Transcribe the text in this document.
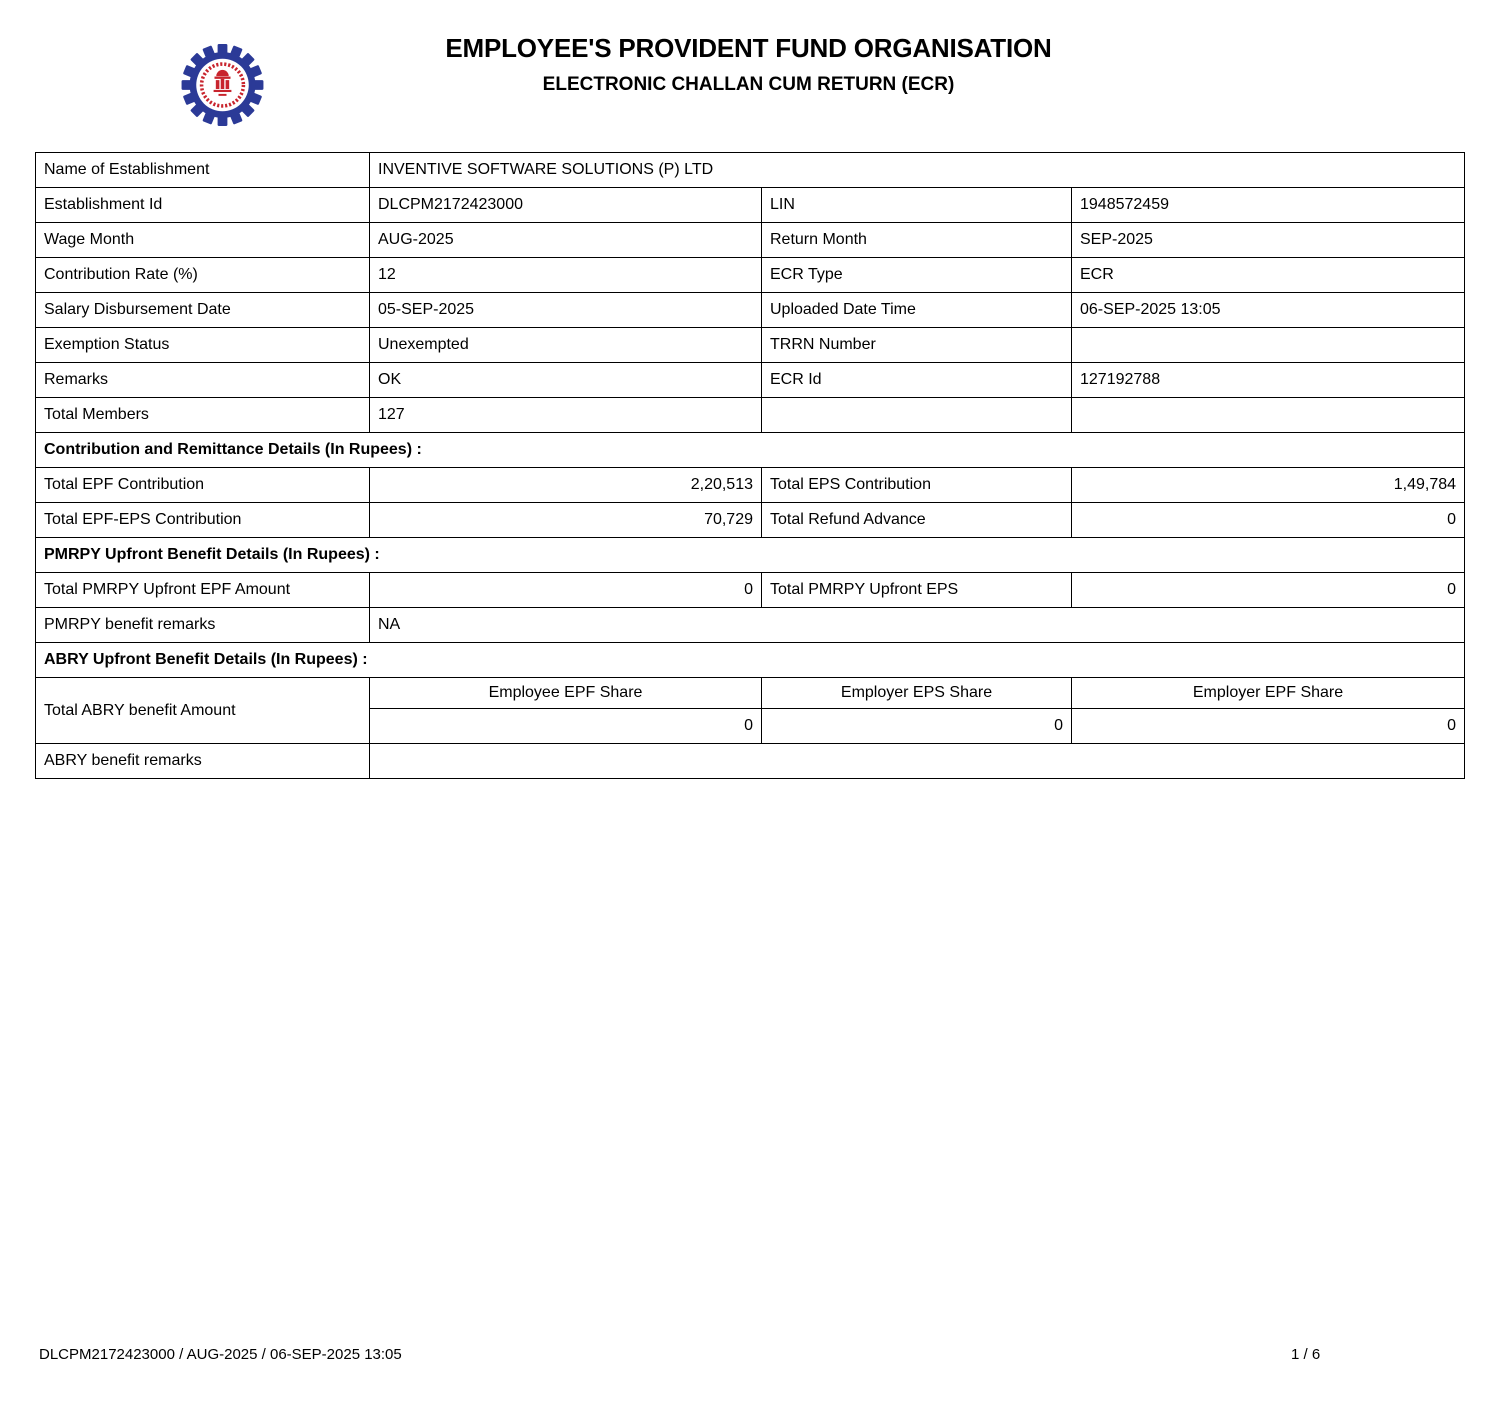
EMPLOYEE'S PROVIDENT FUND ORGANISATION
ELECTRONIC CHALLAN CUM RETURN (ECR)
Name of Establishment	INVENTIVE SOFTWARE SOLUTIONS (P) LTD		
Establishment Id	DLCPM2172423000	LIN	1948572459
Wage Month	AUG-2025	Return Month	SEP-2025
Contribution Rate (%)	12	ECR Type	ECR
Salary Disbursement Date	05-SEP-2025	Uploaded Date Time	06-SEP-2025 13:05
Exemption Status	Unexempted	TRRN Number	
Remarks	OK	ECR Id	127192788
Total Members	127		
Contribution and Remittance Details (In Rupees) :			
Total EPF Contribution	2,20,513	Total EPS Contribution	1,49,784
Total EPF-EPS Contribution	70,729	Total Refund Advance	0
PMRPY Upfront Benefit Details (In Rupees) :			
Total PMRPY Upfront EPF Amount	0	Total PMRPY Upfront EPS	0
PMRPY benefit remarks	NA		
ABRY Upfront Benefit Details (In Rupees) :			
Total ABRY benefit Amount	Employee EPF Share	Employer EPS Share	Employer EPF Share
	0	0	0
ABRY benefit remarks			
DLCPM2172423000 / AUG-2025 / 06-SEP-2025 13:05	1 / 6
